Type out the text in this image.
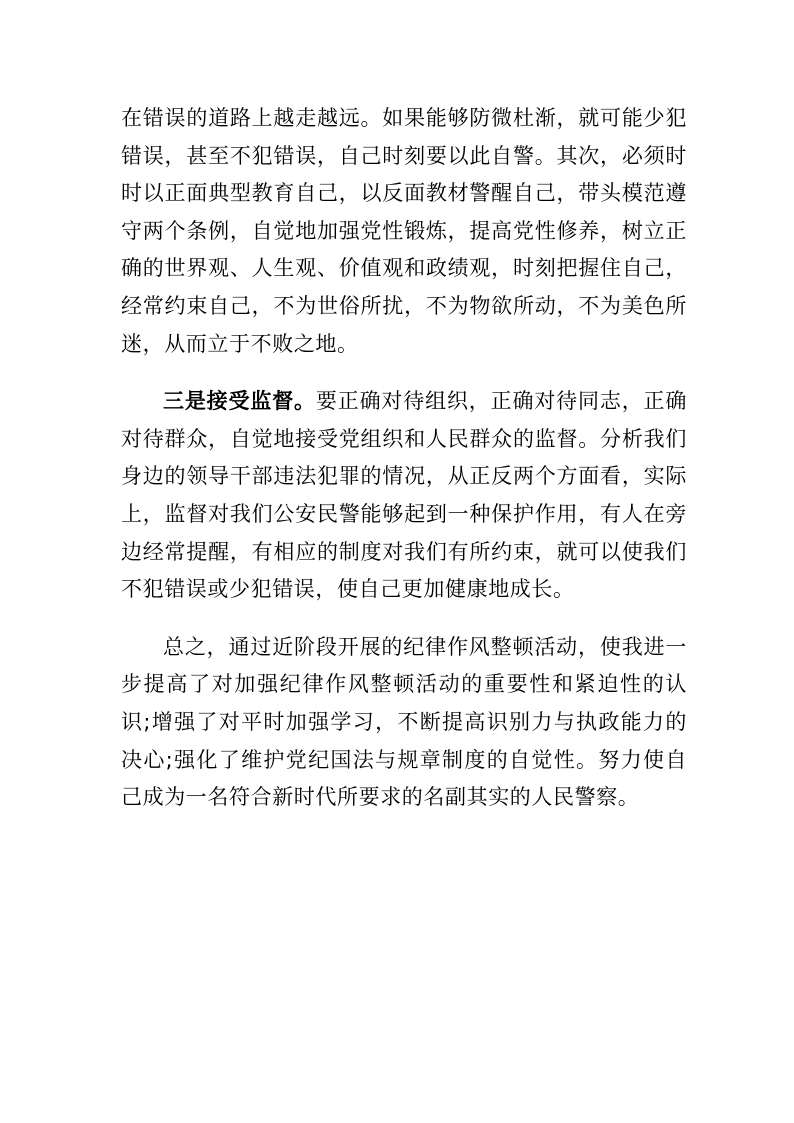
在错误的道路上越走越远。如果能够防微杜渐，就可能少犯错误，甚至不犯错误，自己时刻要以此自警。其次，必须时时以正面典型教育自己，以反面教材警醒自己，带头模范遵守两个条例，自觉地加强党性锻炼，提高党性修养，树立正确的世界观、人生观、价值观和政绩观，时刻把握住自己，经常约束自己，不为世俗所扰，不为物欲所动，不为美色所迷，从而立于不败之地。

三是接受监督。要正确对待组织，正确对待同志，正确对待群众，自觉地接受党组织和人民群众的监督。分析我们身边的领导干部违法犯罪的情况，从正反两个方面看，实际上，监督对我们公安民警能够起到一种保护作用，有人在旁边经常提醒，有相应的制度对我们有所约束，就可以使我们不犯错误或少犯错误，使自己更加健康地成长。

总之，通过近阶段开展的纪律作风整顿活动，使我进一步提高了对加强纪律作风整顿活动的重要性和紧迫性的认识;增强了对平时加强学习，不断提高识别力与执政能力的决心;强化了维护党纪国法与规章制度的自觉性。努力使自己成为一名符合新时代所要求的名副其实的人民警察。
